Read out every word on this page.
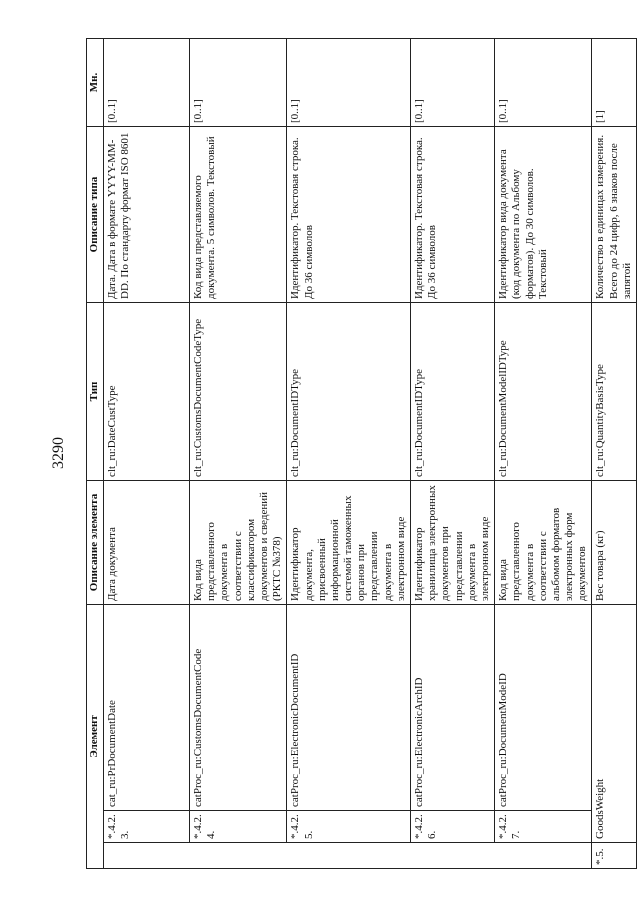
3290
Элемент			Описание элемента	Тип	Описание типа	Мн.
	*.4.2.3.	cat_ru:PrDocumentDate	Дата документа	clt_ru:DateCustType	Дата. Дата в формате YYYY-MM-DD. По стандарту формат ISO 8601	[0..1]
	*.4.2.4.	catProc_ru:CustomsDocumentCode	Код вида представленного документа в соответствии с классификатором документов и сведений (РКТС №378)	clt_ru:CustomsDocumentCodeType	Код вида представляемого документа. 5 символов. Текстовый	[0..1]
	*.4.2.5.	catProc_ru:ElectronicDocumentID	Идентификатор документа, присвоенный информационной системой таможенных органов при представлении документа в электронном виде	clt_ru:DocumentIDType	Идентификатор. Текстовая строка. До 36 символов	[0..1]
	*.4.2.6.	catProc_ru:ElectronicArchID	Идентификатор хранилища электронных документов при представлении документа в электронном виде	clt_ru:DocumentIDType	Идентификатор. Текстовая строка. До 36 символов	[0..1]
	*.4.2.7.	catProc_ru:DocumentModeID	Код вида представленного документа в соответствии с альбомом форматов электронных форм документов	clt_ru:DocumentModelIDType	Идентификатор вида документа (код документа по Альбому форматов). До 30 символов. Текстовый	[0..1]
*.5.	GoodsWeight		Вес товара (кг)	clt_ru:QuantityBasisType	Количество в единицах измерения. Всего до 24 цифр, 6 знаков после запятой	[1]
